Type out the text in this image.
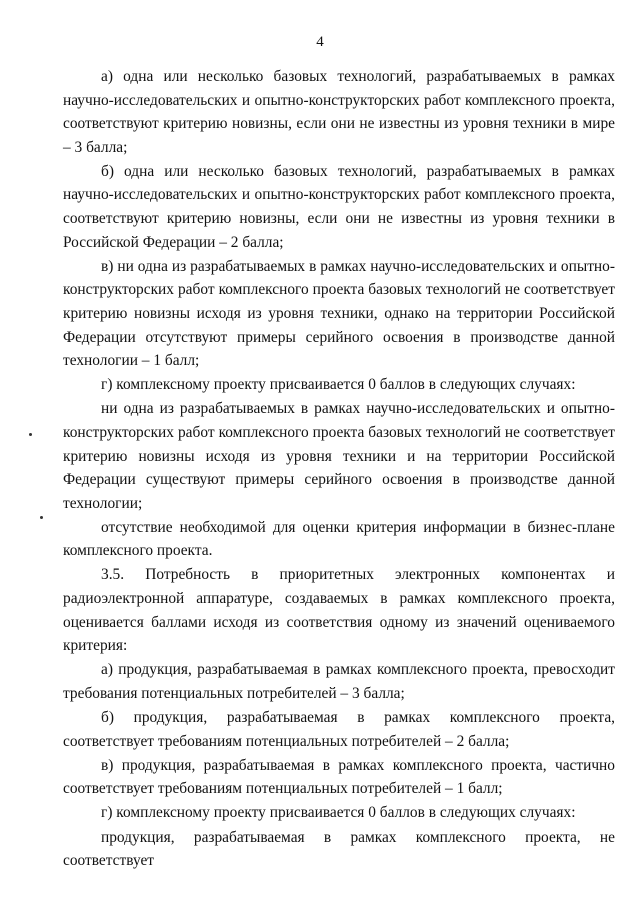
4

а) одна или несколько базовых технологий, разрабатываемых в рамках научно-исследовательских и опытно-конструкторских работ комплексного проекта, соответствуют критерию новизны, если они не известны из уровня техники в мире – 3 балла;

б) одна или несколько базовых технологий, разрабатываемых в рамках научно-исследовательских и опытно-конструкторских работ комплексного проекта, соответствуют критерию новизны, если они не известны из уровня техники в Российской Федерации – 2 балла;

в) ни одна из разрабатываемых в рамках научно-исследовательских и опытно-конструкторских работ комплексного проекта базовых технологий не соответствует критерию новизны исходя из уровня техники, однако на территории Российской Федерации отсутствуют примеры серийного освоения в производстве данной технологии – 1 балл;

г) комплексному проекту присваивается 0 баллов в следующих случаях:

ни одна из разрабатываемых в рамках научно-исследовательских и опытно-конструкторских работ комплексного проекта базовых технологий не соответствует критерию новизны исходя из уровня техники и на территории Российской Федерации существуют примеры серийного освоения в производстве данной технологии;

отсутствие необходимой для оценки критерия информации в бизнес-плане комплексного проекта.

3.5. Потребность в приоритетных электронных компонентах и радиоэлектронной аппаратуре, создаваемых в рамках комплексного проекта, оценивается баллами исходя из соответствия одному из значений оцениваемого критерия:

а) продукция, разрабатываемая в рамках комплексного проекта, превосходит требования потенциальных потребителей – 3 балла;

б) продукция, разрабатываемая в рамках комплексного проекта, соответствует требованиям потенциальных потребителей – 2 балла;

в) продукция, разрабатываемая в рамках комплексного проекта, частично соответствует требованиям потенциальных потребителей – 1 балл;

г) комплексному проекту присваивается 0 баллов в следующих случаях:

продукция, разрабатываемая в рамках комплексного проекта, не соответствует
